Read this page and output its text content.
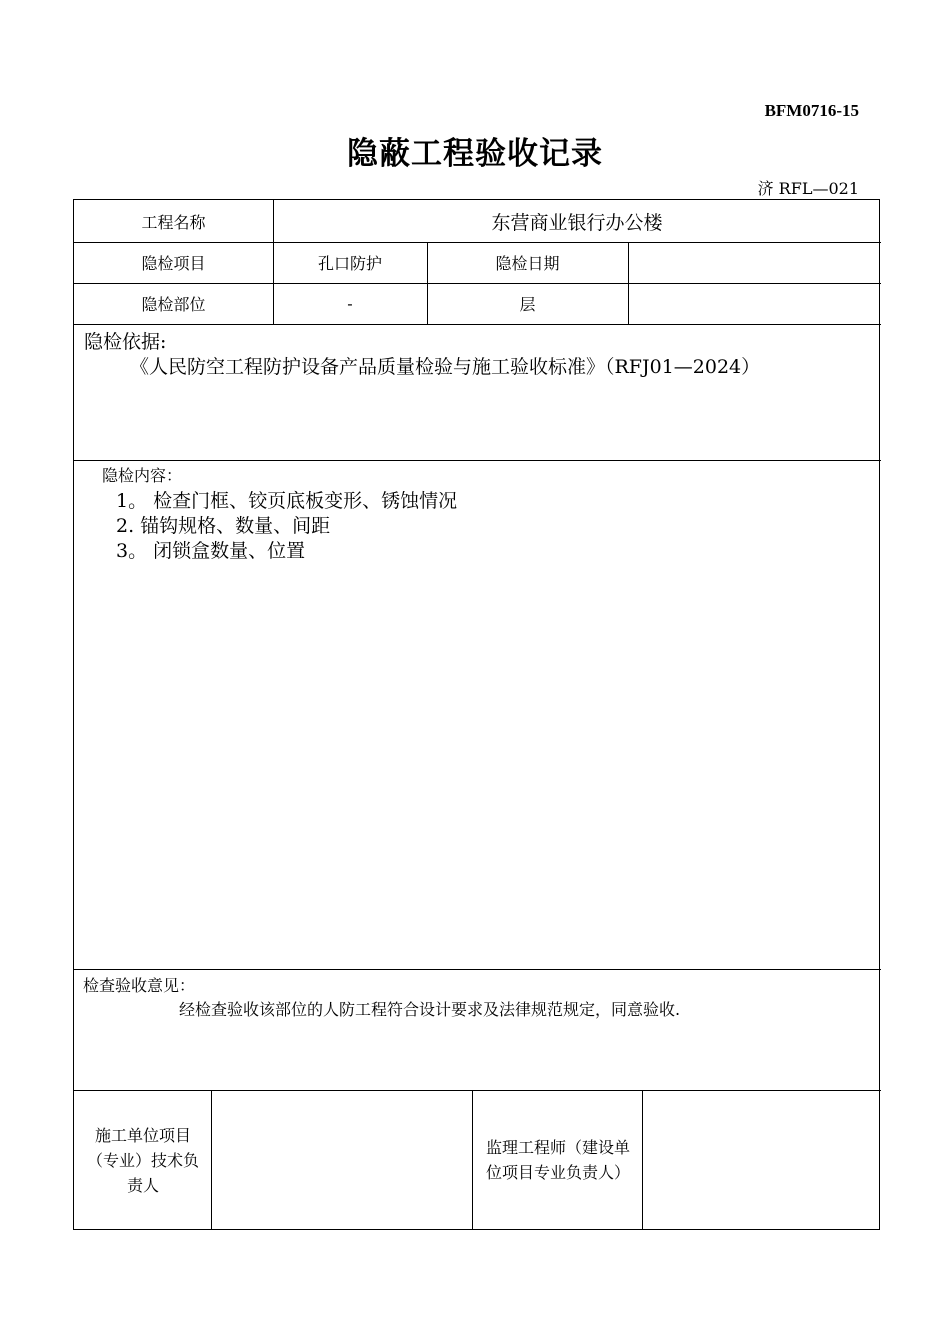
BFM0716-15
隐蔽工程验收记录
济 RFL—021
工程名称	东营商业银行办公楼
隐检项目	孔口防护	隐检日期
隐检部位	-	层
隐检依据:
《人民防空工程防护设备产品质量检验与施工验收标准》（RFJ01—2024）
隐检内容：
1。 检查门框、铰页底板变形、锈蚀情况
2. 锚钩规格、数量、间距
3。 闭锁盒数量、位置
检查验收意见：
经检查验收该部位的人防工程符合设计要求及法律规范规定，同意验收.
施工单位项目（专业）技术负责人
监理工程师（建设单位项目专业负责人）
